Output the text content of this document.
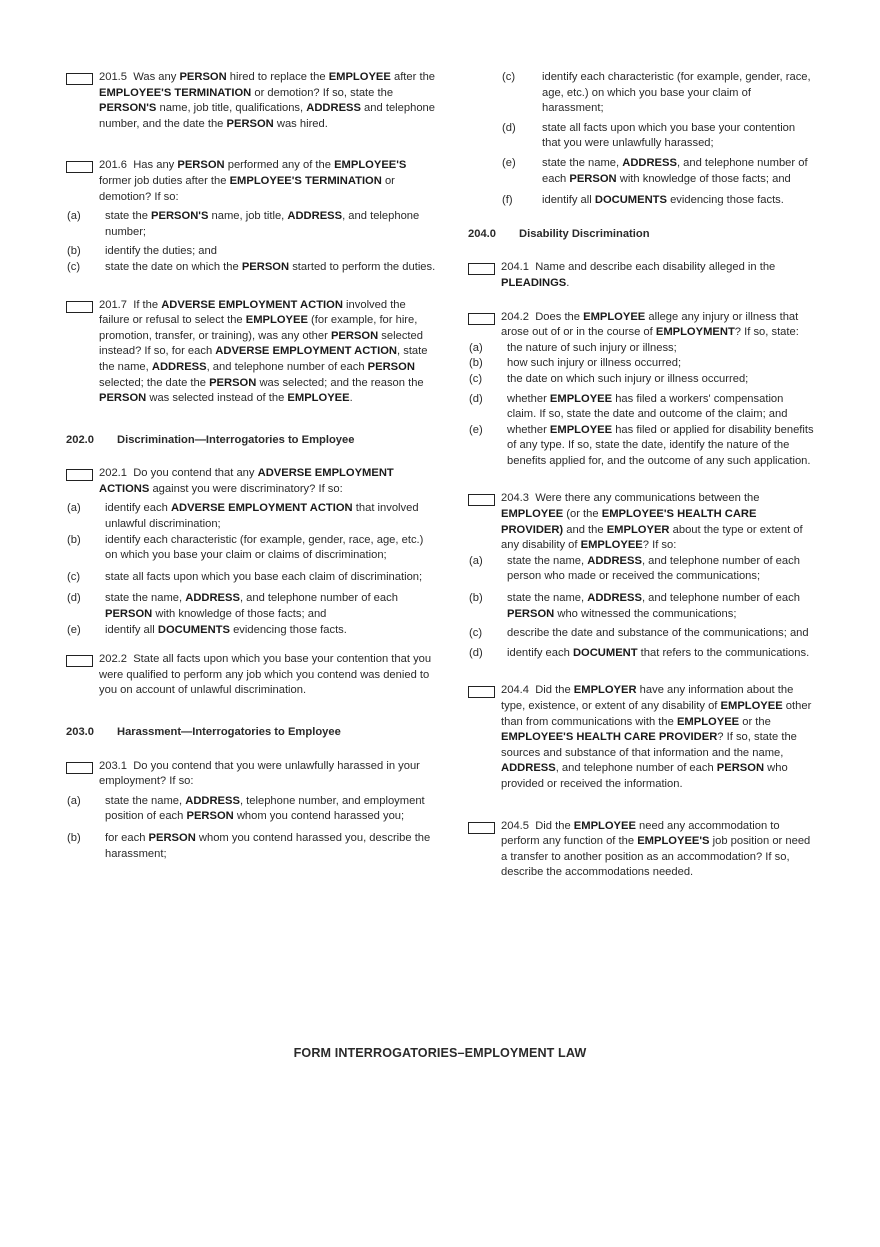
201.5 Was any PERSON hired to replace the EMPLOYEE after the EMPLOYEE'S TERMINATION or demotion? If so, state the PERSON'S name, job title, qualifications, ADDRESS and telephone number, and the date the PERSON was hired.
201.6 Has any PERSON performed any of the EMPLOYEE'S former job duties after the EMPLOYEE'S TERMINATION or demotion? If so:
(a) state the PERSON'S name, job title, ADDRESS, and telephone number;
(b) identify the duties; and
(c) state the date on which the PERSON started to perform the duties.
201.7 If the ADVERSE EMPLOYMENT ACTION involved the failure or refusal to select the EMPLOYEE (for example, for hire, promotion, transfer, or training), was any other PERSON selected instead? If so, for each ADVERSE EMPLOYMENT ACTION, state the name, ADDRESS, and telephone number of each PERSON selected; the date the PERSON was selected; and the reason the PERSON was selected instead of the EMPLOYEE.
202.0 Discrimination—Interrogatories to Employee
202.1 Do you contend that any ADVERSE EMPLOYMENT ACTIONS against you were discriminatory? If so:
(a) identify each ADVERSE EMPLOYMENT ACTION that involved unlawful discrimination;
(b) identify each characteristic (for example, gender, race, age, etc.) on which you base your claim or claims of discrimination;
(c) state all facts upon which you base each claim of discrimination;
(d) state the name, ADDRESS, and telephone number of each PERSON with knowledge of those facts; and
(e) identify all DOCUMENTS evidencing those facts.
202.2 State all facts upon which you base your contention that you were qualified to perform any job which you contend was denied to you on account of unlawful discrimination.
203.0 Harassment—Interrogatories to Employee
203.1 Do you contend that you were unlawfully harassed in your employment? If so:
(a) state the name, ADDRESS, telephone number, and employment position of each PERSON whom you contend harassed you;
(b) for each PERSON whom you contend harassed you, describe the harassment;
(c) identify each characteristic (for example, gender, race, age, etc.) on which you base your claim of harassment;
(d) state all facts upon which you base your contention that you were unlawfully harassed;
(e) state the name, ADDRESS, and telephone number of each PERSON with knowledge of those facts; and
(f)	identify all DOCUMENTS evidencing those facts.
204.0 Disability Discrimination
204.1 Name and describe each disability alleged in the PLEADINGS.
204.2 Does the EMPLOYEE allege any injury or illness that arose out of or in the course of EMPLOYMENT? If so, state:
(a) the nature of such injury or illness;
(b) how such injury or illness occurred;
(c) the date on which such injury or illness occurred;
(d) whether EMPLOYEE has filed a workers' compensation claim. If so, state the date and outcome of the claim; and
(e) whether EMPLOYEE has filed or applied for disability benefits of any type. If so, state the date, identify the nature of the benefits applied for, and the outcome of any such application.
204.3 Were there any communications between the EMPLOYEE (or the EMPLOYEE'S HEALTH CARE PROVIDER) and the EMPLOYER about the type or extent of any disability of EMPLOYEE? If so:
(a) state the name, ADDRESS, and telephone number of each person who made or received the communications;
(b) state the name, ADDRESS, and telephone number of each PERSON who witnessed the communications;
(c) describe the date and substance of the communications; and
(d) identify each DOCUMENT that refers to the communications.
204.4 Did the EMPLOYER have any information about the type, existence, or extent of any disability of EMPLOYEE other than from communications with the EMPLOYEE or the EMPLOYEE'S HEALTH CARE PROVIDER? If so, state the sources and substance of that information and the name, ADDRESS, and telephone number of each PERSON who provided or received the information.
204.5 Did the EMPLOYEE need any accommodation to perform any function of the EMPLOYEE'S job position or need a transfer to another position as an accommodation? If so, describe the accommodations needed.
FORM INTERROGATORIES–EMPLOYMENT LAW
